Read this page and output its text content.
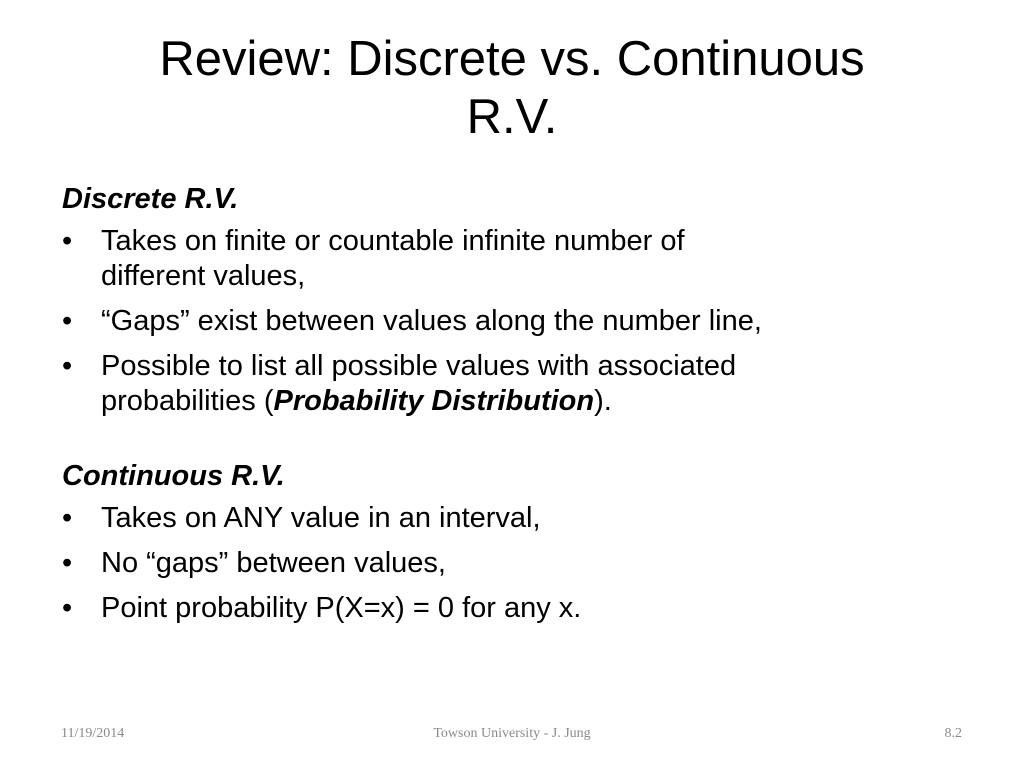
Review: Discrete vs. Continuous
R.V.
Discrete R.V.
• Takes on finite or countable infinite number of
different values,
• “Gaps” exist between values along the number line,
• Possible to list all possible values with associated
probabilities (Probability Distribution).
Continuous R.V.
• Takes on ANY value in an interval,
• No “gaps” between values,
• Point probability P(X=x) = 0 for any x.
11/19/2014	Towson University - J. Jung	8.2
